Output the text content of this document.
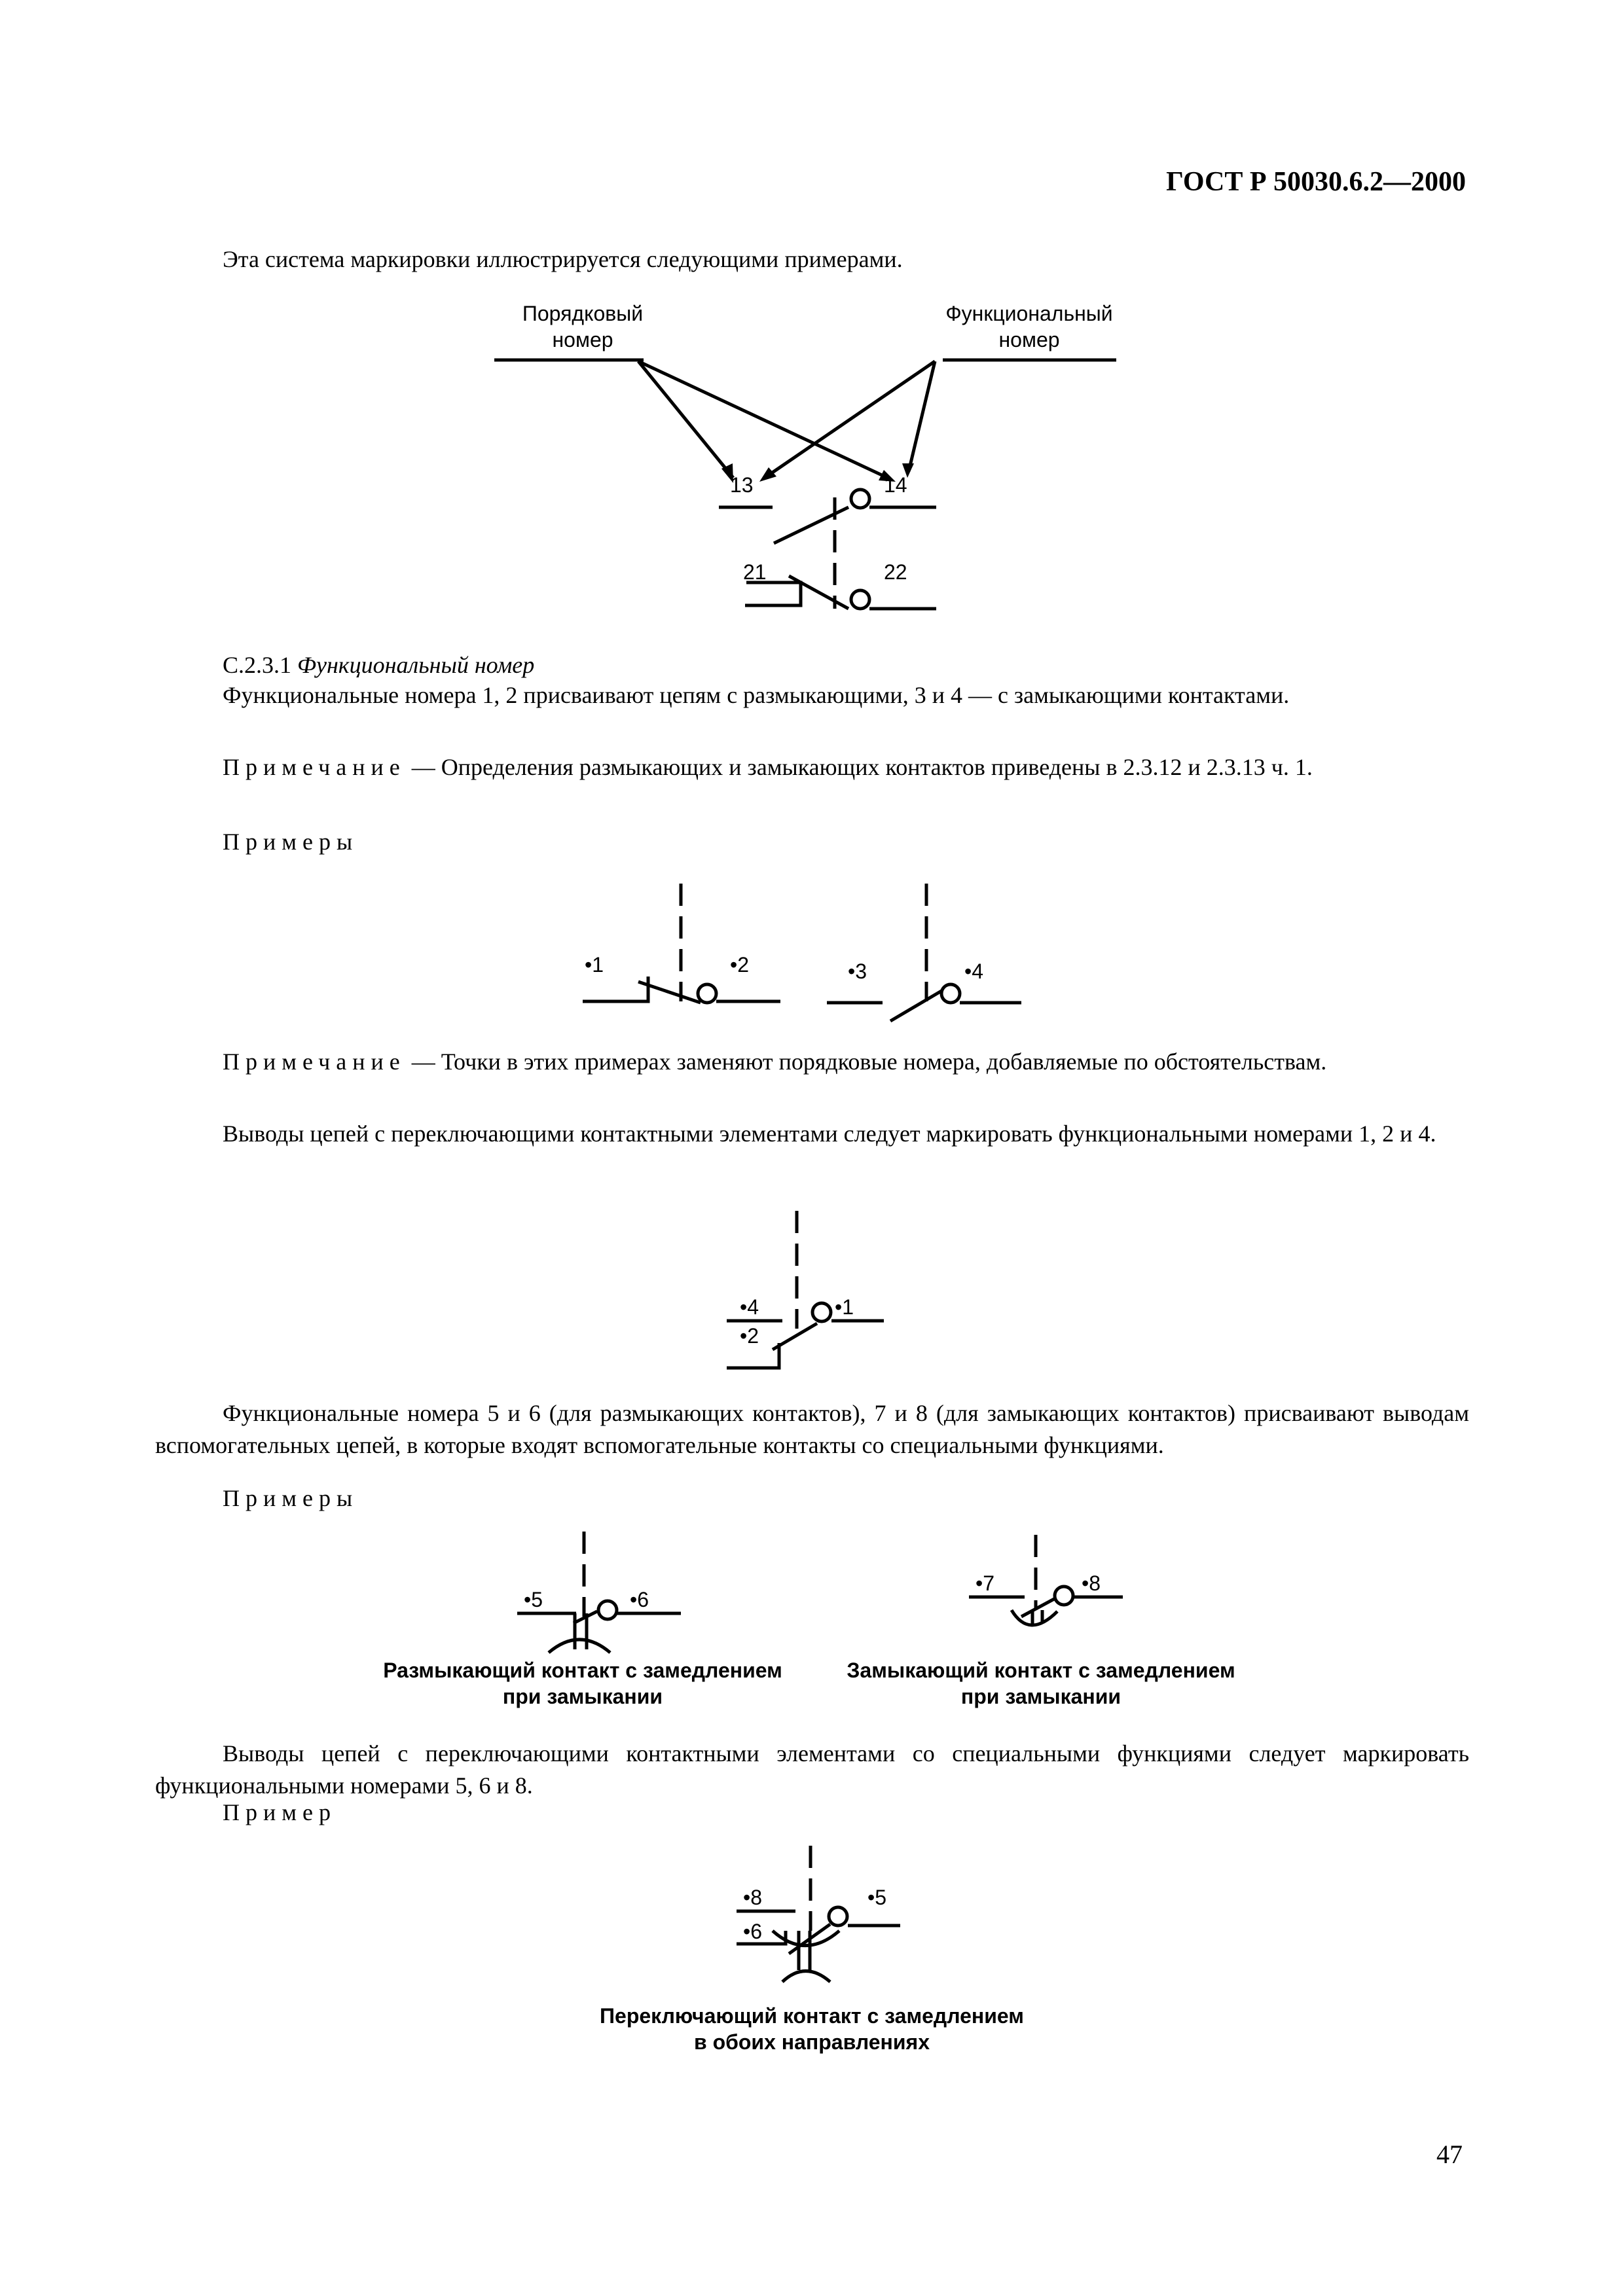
ГОСТ Р 50030.6.2—2000
Эта система маркировки иллюстрируется следующими примерами.
Порядковый
номер
Функциональный
номер
13	14
21	22
С.2.3.1 Функциональный номер
Функциональные номера 1, 2 присваивают цепям с размыкающими, 3 и 4 — с замыкающими контактами.
Примечание — Определения размыкающих и замыкающих контактов приведены в 2.3.12 и 2.3.13 ч. 1.
Примеры
•1	•2	•3	•4
Примечание — Точки в этих примерах заменяют порядковые номера, добавляемые по обстоятельствам.
Выводы цепей с переключающими контактными элементами следует маркировать функциональными номерами 1, 2 и 4.
•4
•2
•1
Функциональные номера 5 и 6 (для размыкающих контактов), 7 и 8 (для замыкающих контактов) присваивают выводам вспомогательных цепей, в которые входят вспомогательные контакты со специальными функциями.
Примеры
•5	•6
•7	•8
Размыкающий контакт с замедлением
при замыкании
Замыкающий контакт с замедлением
при замыкании
Выводы цепей с переключающими контактными элементами со специальными функциями следует маркировать функциональными номерами 5, 6 и 8.
Пример
•8
•6
•5
Переключающий контакт с замедлением
в обоих направлениях
47
